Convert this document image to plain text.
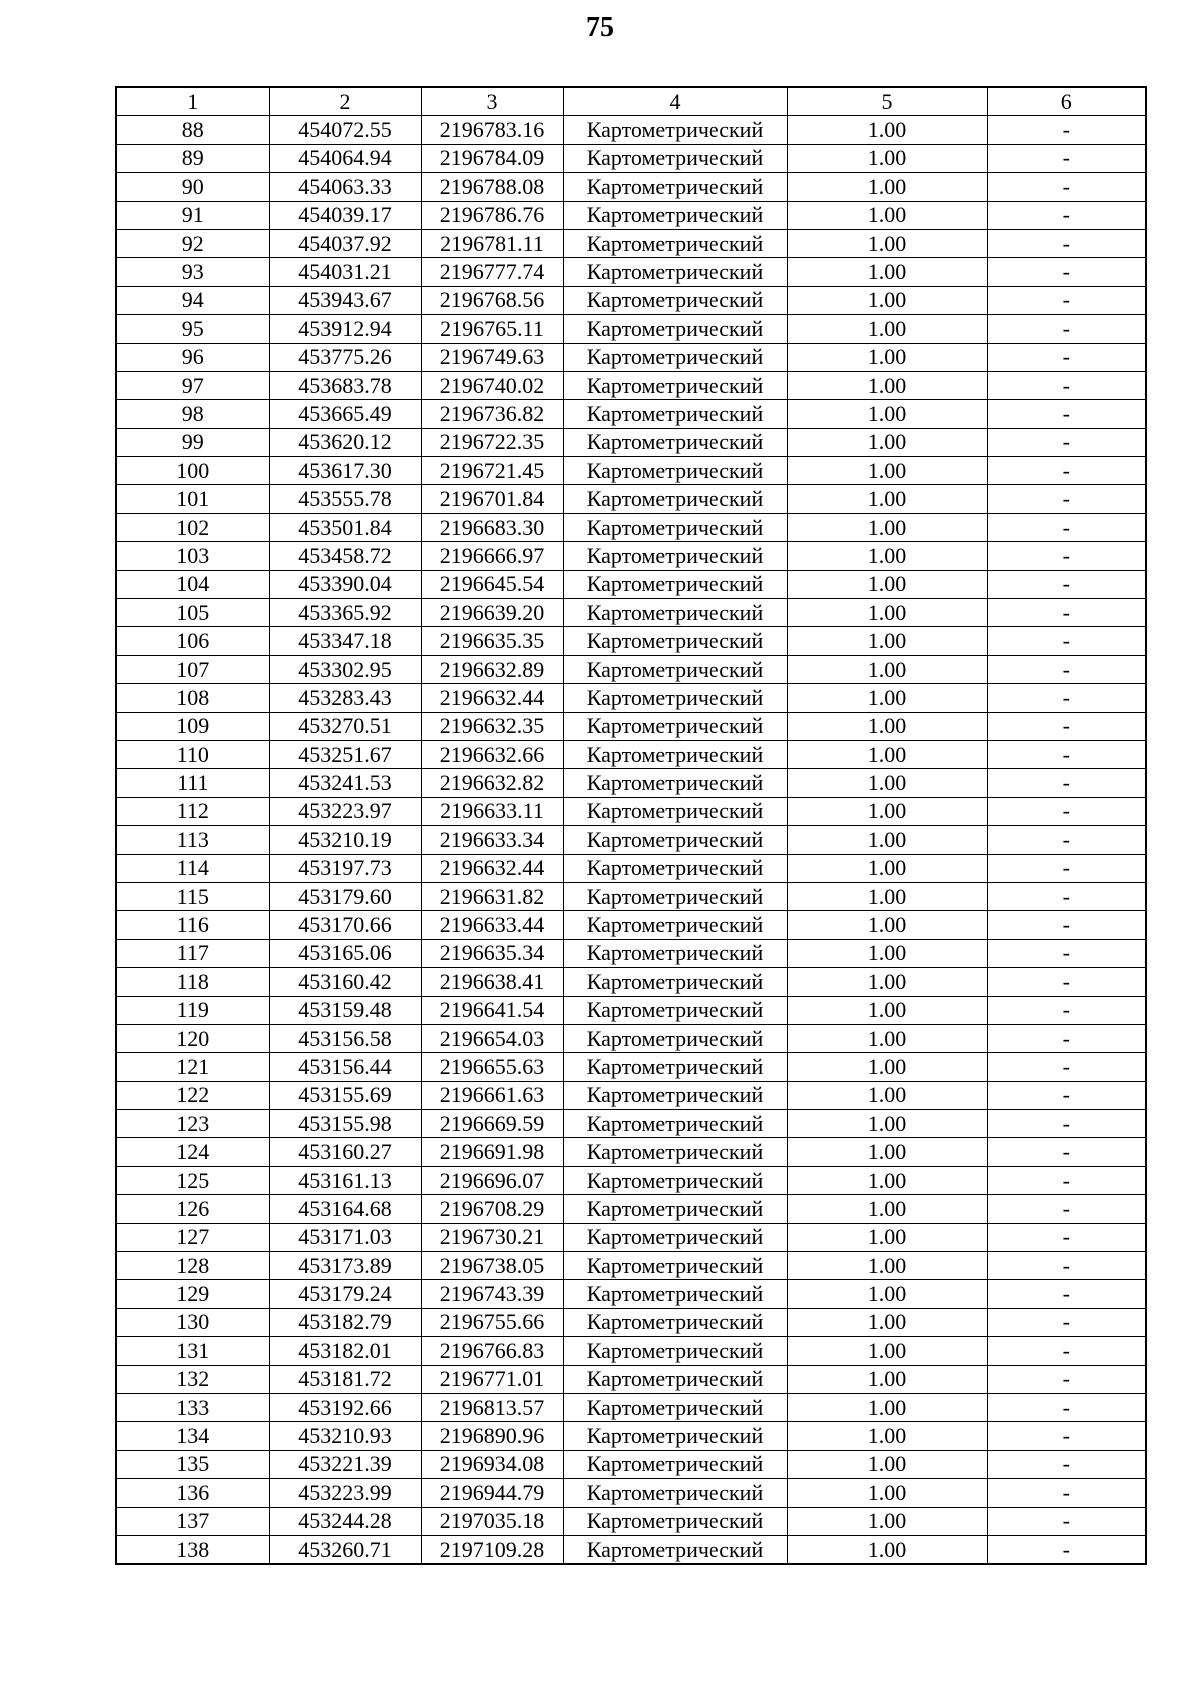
75
1	2	3	4	5	6
88	454072.55	2196783.16	Картометрический	1.00	-
89	454064.94	2196784.09	Картометрический	1.00	-
90	454063.33	2196788.08	Картометрический	1.00	-
91	454039.17	2196786.76	Картометрический	1.00	-
92	454037.92	2196781.11	Картометрический	1.00	-
93	454031.21	2196777.74	Картометрический	1.00	-
94	453943.67	2196768.56	Картометрический	1.00	-
95	453912.94	2196765.11	Картометрический	1.00	-
96	453775.26	2196749.63	Картометрический	1.00	-
97	453683.78	2196740.02	Картометрический	1.00	-
98	453665.49	2196736.82	Картометрический	1.00	-
99	453620.12	2196722.35	Картометрический	1.00	-
100	453617.30	2196721.45	Картометрический	1.00	-
101	453555.78	2196701.84	Картометрический	1.00	-
102	453501.84	2196683.30	Картометрический	1.00	-
103	453458.72	2196666.97	Картометрический	1.00	-
104	453390.04	2196645.54	Картометрический	1.00	-
105	453365.92	2196639.20	Картометрический	1.00	-
106	453347.18	2196635.35	Картометрический	1.00	-
107	453302.95	2196632.89	Картометрический	1.00	-
108	453283.43	2196632.44	Картометрический	1.00	-
109	453270.51	2196632.35	Картометрический	1.00	-
110	453251.67	2196632.66	Картометрический	1.00	-
111	453241.53	2196632.82	Картометрический	1.00	-
112	453223.97	2196633.11	Картометрический	1.00	-
113	453210.19	2196633.34	Картометрический	1.00	-
114	453197.73	2196632.44	Картометрический	1.00	-
115	453179.60	2196631.82	Картометрический	1.00	-
116	453170.66	2196633.44	Картометрический	1.00	-
117	453165.06	2196635.34	Картометрический	1.00	-
118	453160.42	2196638.41	Картометрический	1.00	-
119	453159.48	2196641.54	Картометрический	1.00	-
120	453156.58	2196654.03	Картометрический	1.00	-
121	453156.44	2196655.63	Картометрический	1.00	-
122	453155.69	2196661.63	Картометрический	1.00	-
123	453155.98	2196669.59	Картометрический	1.00	-
124	453160.27	2196691.98	Картометрический	1.00	-
125	453161.13	2196696.07	Картометрический	1.00	-
126	453164.68	2196708.29	Картометрический	1.00	-
127	453171.03	2196730.21	Картометрический	1.00	-
128	453173.89	2196738.05	Картометрический	1.00	-
129	453179.24	2196743.39	Картометрический	1.00	-
130	453182.79	2196755.66	Картометрический	1.00	-
131	453182.01	2196766.83	Картометрический	1.00	-
132	453181.72	2196771.01	Картометрический	1.00	-
133	453192.66	2196813.57	Картометрический	1.00	-
134	453210.93	2196890.96	Картометрический	1.00	-
135	453221.39	2196934.08	Картометрический	1.00	-
136	453223.99	2196944.79	Картометрический	1.00	-
137	453244.28	2197035.18	Картометрический	1.00	-
138	453260.71	2197109.28	Картометрический	1.00	-
